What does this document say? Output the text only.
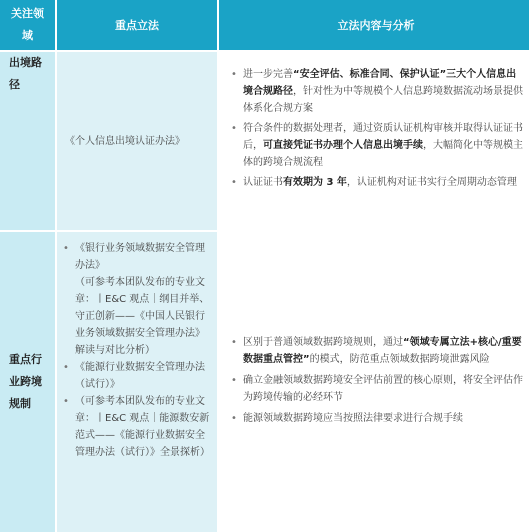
关注领
域
重点立法	立法内容与分析
出境路
径
《个人信息出境认证办法》
• 进一步完善“安全评估、标准合同、保护认证”三大个人信息出境合规路径，针对性为中等规模个人信息跨境数据流动场景提供体系化合规方案
• 符合条件的数据处理者，通过资质认证机构审核并取得认证证书后，可直接凭证书办理个人信息出境手续，大幅简化中等规模主体的跨境合规流程
• 认证证书有效期为 3 年，认证机构对证书实行全周期动态管理
重点行
业跨境
规制
• 《银行业务领域数据安全管理办法》
（可参考本团队发布的专业文章：丨E&C 观点｜纲目并举、守正创新——《中国人民银行业务领域数据安全管理办法》解读与对比分析）
• 《能源行业数据安全管理办法（试行）》
• （可参考本团队发布的专业文章：丨E&C 观点｜能源数安新范式——《能源行业数据安全管理办法（试行）》全景探析）
• 区别于普通领域数据跨境规则，通过“领域专属立法+核心/重要数据重点管控”的模式，防范重点领域数据跨境泄露风险
• 确立金融领域数据跨境安全评估前置的核心原则，将安全评估作为跨境传输的必经环节
• 能源领域数据跨境应当按照法律要求进行合规手续
